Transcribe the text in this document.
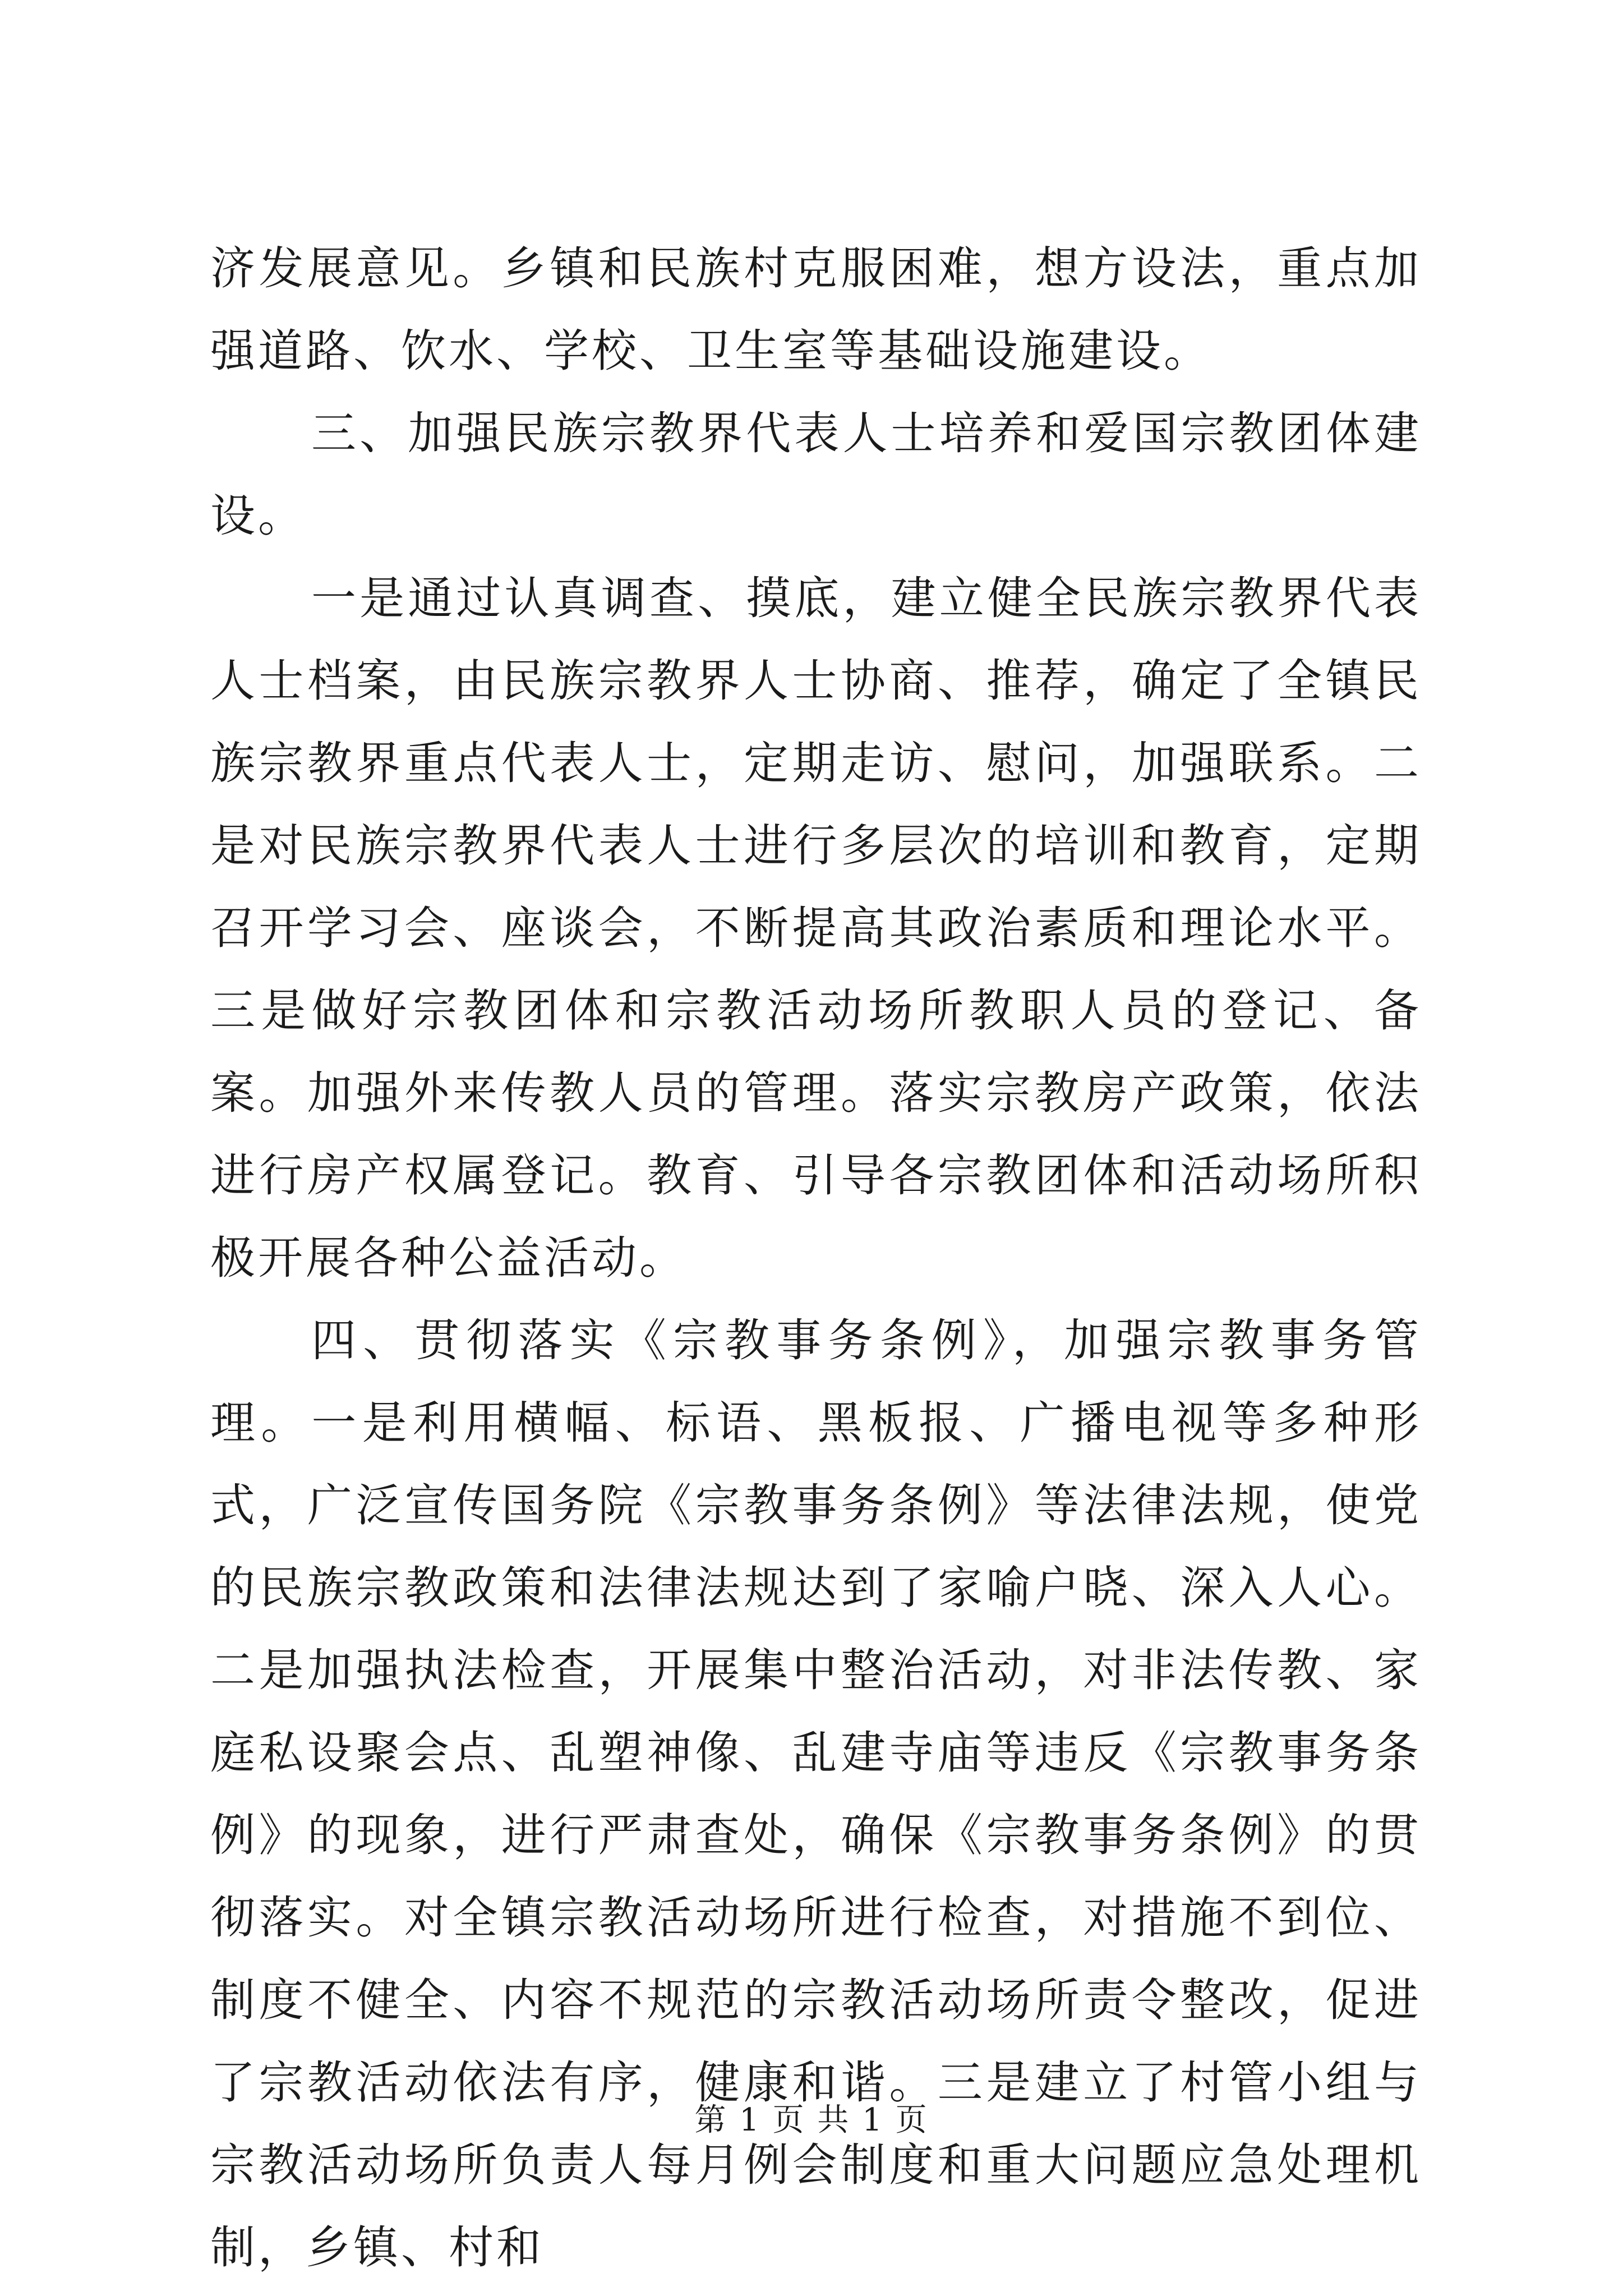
济发展意见。乡镇和民族村克服困难，想方设法，重点加强道路、饮水、学校、卫生室等基础设施建设。

三、加强民族宗教界代表人士培养和爱国宗教团体建设。

一是通过认真调查、摸底，建立健全民族宗教界代表人士档案，由民族宗教界人士协商、推荐，确定了全镇民族宗教界重点代表人士，定期走访、慰问，加强联系。二是对民族宗教界代表人士进行多层次的培训和教育，定期召开学习会、座谈会，不断提高其政治素质和理论水平。三是做好宗教团体和宗教活动场所教职人员的登记、备案。加强外来传教人员的管理。落实宗教房产政策，依法进行房产权属登记。教育、引导各宗教团体和活动场所积极开展各种公益活动。

四、贯彻落实《宗教事务条例》，加强宗教事务管理。一是利用横幅、标语、黑板报、广播电视等多种形式，广泛宣传国务院《宗教事务条例》等法律法规，使党的民族宗教政策和法律法规达到了家喻户晓、深入人心。二是加强执法检查，开展集中整治活动，对非法传教、家庭私设聚会点、乱塑神像、乱建寺庙等违反《宗教事务条例》的现象，进行严肃查处，确保《宗教事务条例》的贯彻落实。对全镇宗教活动场所进行检查，对措施不到位、制度不健全、内容不规范的宗教活动场所责令整改，促进了宗教活动依法有序，健康和谐。三是建立了村管小组与宗教活动场所负责人每月例会制度和重大问题应急处理机制，乡镇、村和

第 1 页 共 1 页
